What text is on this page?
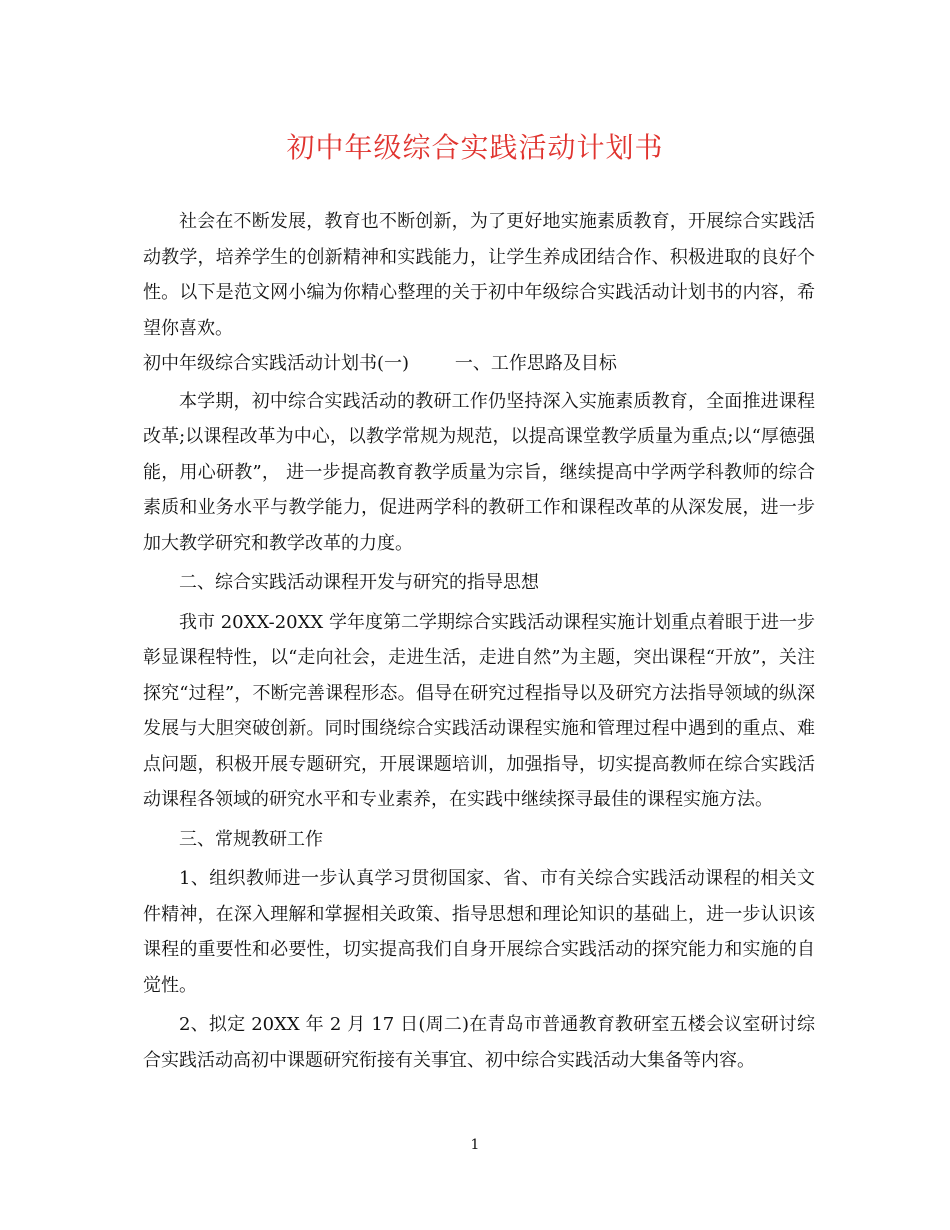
初中年级综合实践活动计划书

社会在不断发展，教育也不断创新，为了更好地实施素质教育，开展综合实践活动教学，培养学生的创新精神和实践能力，让学生养成团结合作、积极进取的良好个性。以下是范文网小编为你精心整理的关于初中年级综合实践活动计划书的内容，希望你喜欢。

初中年级综合实践活动计划书(一)        一、工作思路及目标

本学期，初中综合实践活动的教研工作仍坚持深入实施素质教育，全面推进课程改革;以课程改革为中心，以教学常规为规范，以提高课堂教学质量为重点;以“厚德强能，用心研教”， 进一步提高教育教学质量为宗旨，继续提高中学两学科教师的综合素质和业务水平与教学能力，促进两学科的教研工作和课程改革的从深发展，进一步加大教学研究和教学改革的力度。

二、综合实践活动课程开发与研究的指导思想

我市 20XX-20XX 学年度第二学期综合实践活动课程实施计划重点着眼于进一步彰显课程特性，以“走向社会，走进生活，走进自然”为主题，突出课程“开放”，关注探究“过程”，不断完善课程形态。倡导在研究过程指导以及研究方法指导领域的纵深发展与大胆突破创新。同时围绕综合实践活动课程实施和管理过程中遇到的重点、难点问题，积极开展专题研究，开展课题培训，加强指导，切实提高教师在综合实践活动课程各领域的研究水平和专业素养，在实践中继续探寻最佳的课程实施方法。

三、常规教研工作

1、组织教师进一步认真学习贯彻国家、省、市有关综合实践活动课程的相关文件精神，在深入理解和掌握相关政策、指导思想和理论知识的基础上，进一步认识该课程的重要性和必要性，切实提高我们自身开展综合实践活动的探究能力和实施的自觉性。

2、拟定 20XX 年 2 月 17 日(周二)在青岛市普通教育教研室五楼会议室研讨综合实践活动高初中课题研究衔接有关事宜、初中综合实践活动大集备等内容。

1
